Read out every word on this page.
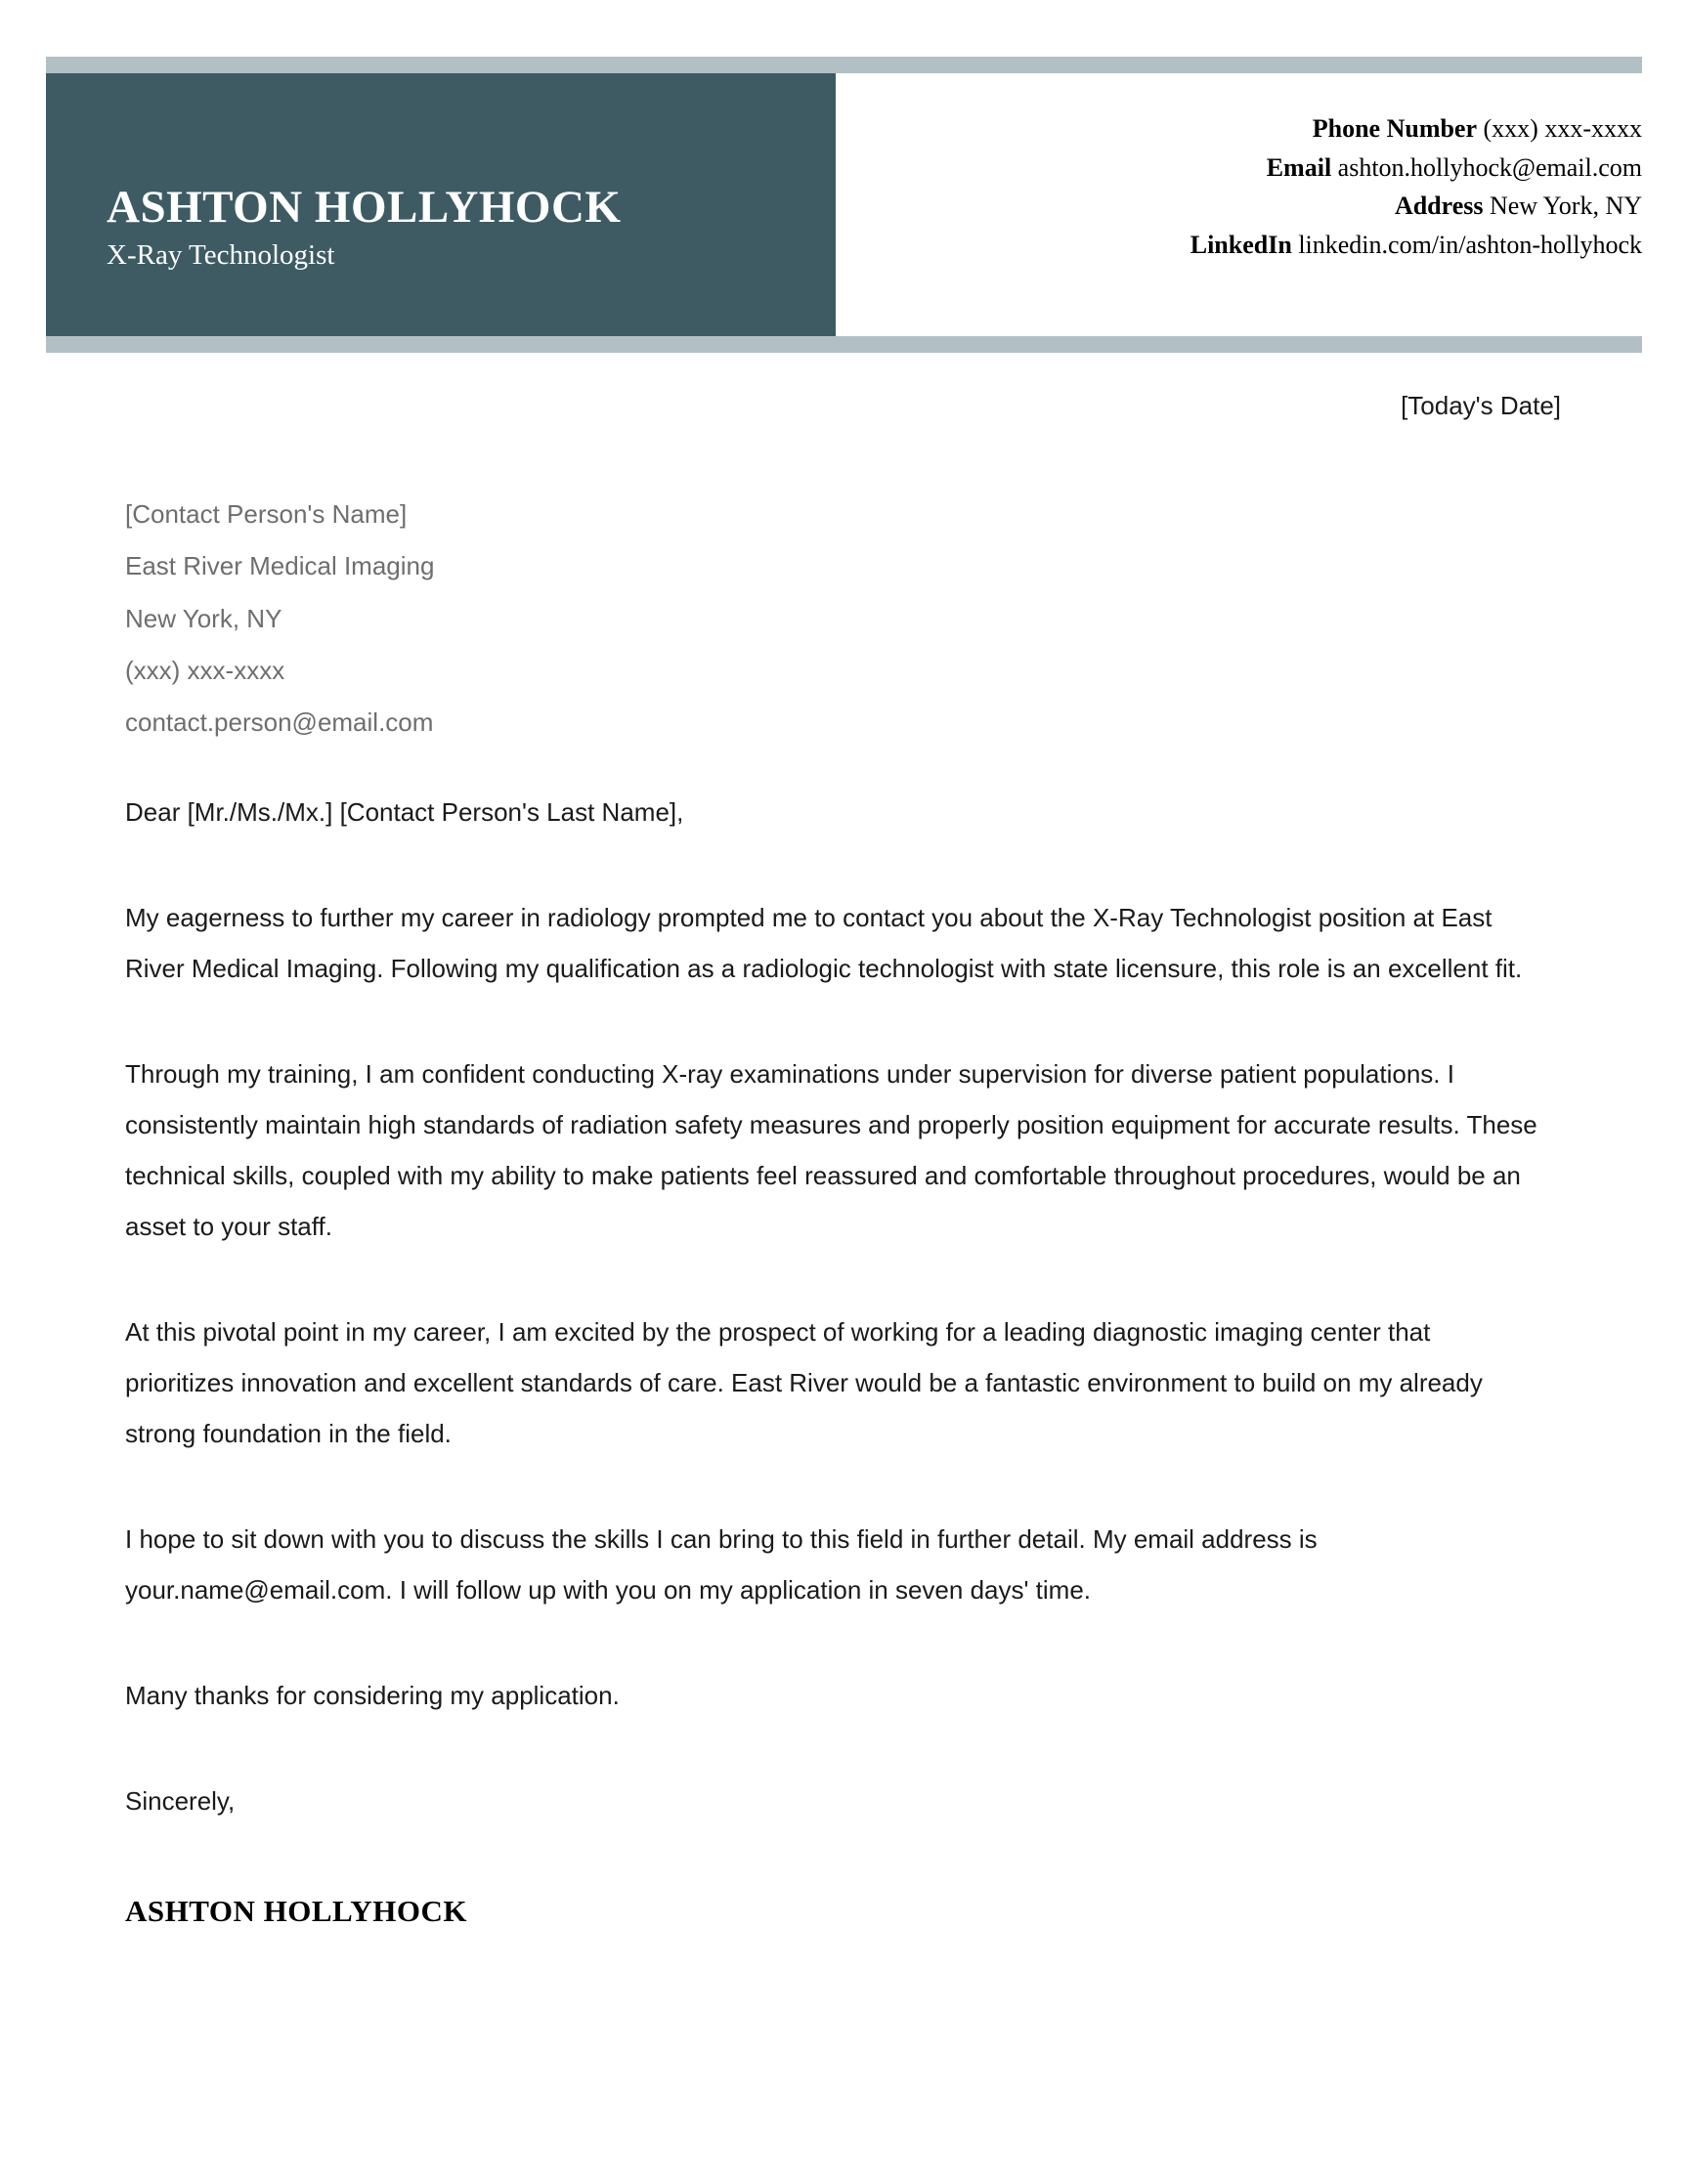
ASHTON HOLLYHOCK
X-Ray Technologist
Phone Number (xxx) xxx-xxxx
Email ashton.hollyhock@email.com
Address New York, NY
LinkedIn linkedin.com/in/ashton-hollyhock
[Today's Date]
[Contact Person's Name]
East River Medical Imaging
New York, NY
(xxx) xxx-xxxx
contact.person@email.com

Dear [Mr./Ms./Mx.] [Contact Person's Last Name],

My eagerness to further my career in radiology prompted me to contact you about the X-Ray Technologist position at East River Medical Imaging. Following my qualification as a radiologic technologist with state licensure, this role is an excellent fit.

Through my training, I am confident conducting X-ray examinations under supervision for diverse patient populations. I consistently maintain high standards of radiation safety measures and properly position equipment for accurate results. These technical skills, coupled with my ability to make patients feel reassured and comfortable throughout procedures, would be an asset to your staff.

At this pivotal point in my career, I am excited by the prospect of working for a leading diagnostic imaging center that prioritizes innovation and excellent standards of care. East River would be a fantastic environment to build on my already strong foundation in the field.

I hope to sit down with you to discuss the skills I can bring to this field in further detail. My email address is your.name@email.com. I will follow up with you on my application in seven days' time.

Many thanks for considering my application.

Sincerely,

ASHTON HOLLYHOCK
